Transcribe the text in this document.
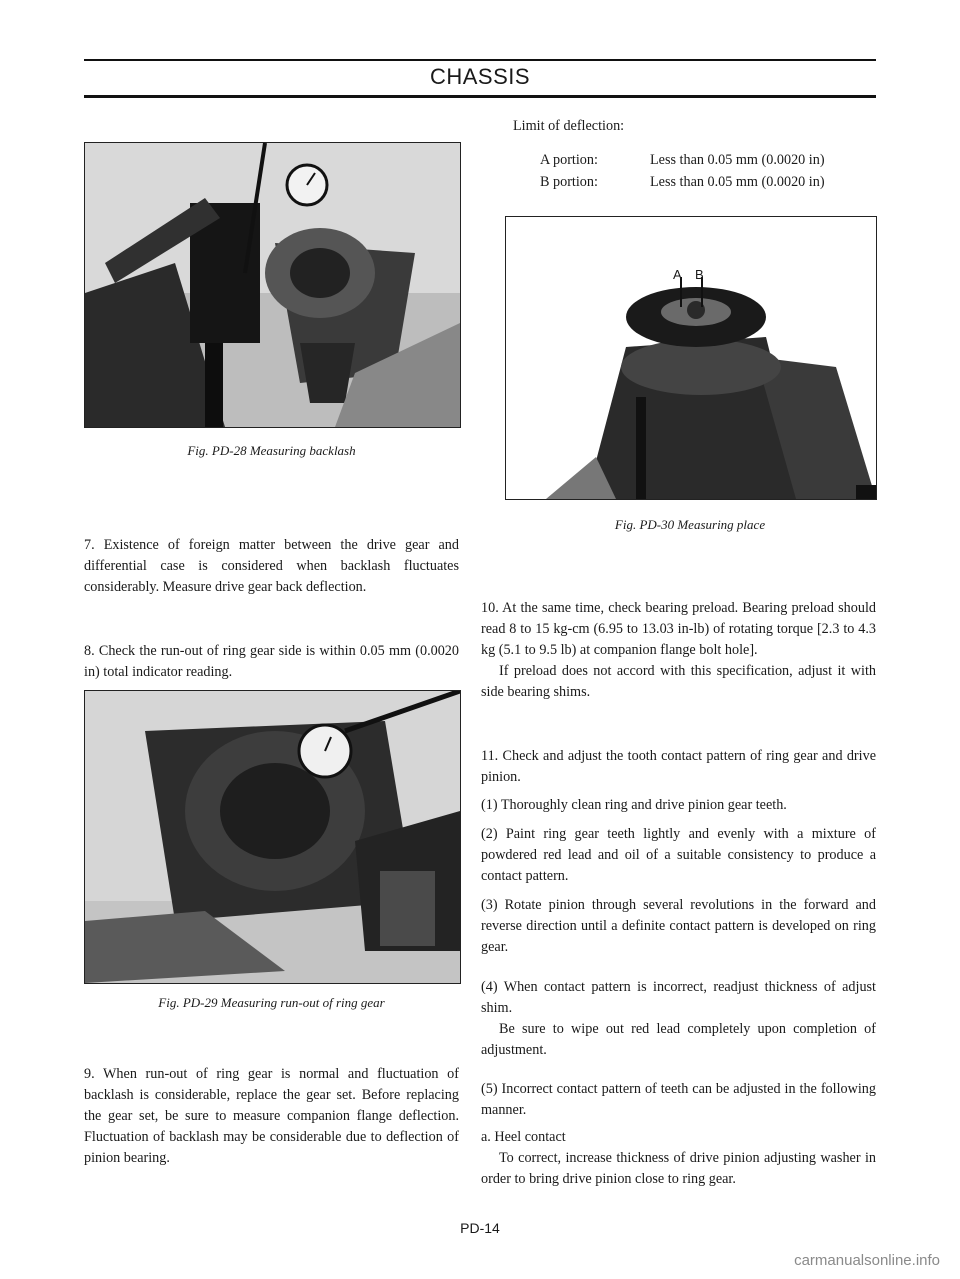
CHASSIS
Fig. PD-28 Measuring backlash
7. Existence of foreign matter between the drive gear and differential case is considered when backlash fluctuates considerably. Measure drive gear back deflection.
8. Check the run-out of ring gear side is within 0.05 mm (0.0020 in) total indicator reading.
Fig. PD-29 Measuring run-out of ring gear
9. When run-out of ring gear is normal and fluctuation of backlash is considerable, replace the gear set. Before replacing the gear set, be sure to measure companion flange deflection. Fluctuation of backlash may be considerable due to deflection of pinion bearing.
Limit of deflection:
A portion:	Less than 0.05 mm (0.0020 in)
B portion:	Less than 0.05 mm (0.0020 in)
A B
Fig. PD-30 Measuring place

10. At the same time, check bearing preload. Bearing preload should read 8 to 15 kg-cm (6.95 to 13.03 in-lb) of rotating torque [2.3 to 4.3 kg (5.1 to 9.5 lb) at companion flange bolt hole].

If preload does not accord with this specification, adjust it with side bearing shims.

11. Check and adjust the tooth contact pattern of ring gear and drive pinion.
(1) Thoroughly clean ring and drive pinion gear teeth.
(2) Paint ring gear teeth lightly and evenly with a mixture of powdered red lead and oil of a suitable consistency to produce a contact pattern.
(3) Rotate pinion through several revolutions in the forward and reverse direction until a definite contact pattern is developed on ring gear.

(4) When contact pattern is incorrect, readjust thickness of adjust shim.

Be sure to wipe out red lead completely upon completion of adjustment.

(5) Incorrect contact pattern of teeth can be adjusted in the following manner.

a. Heel contact

To correct, increase thickness of drive pinion adjusting washer in order to bring drive pinion close to ring gear.

PD-14
carmanualsonline.info
